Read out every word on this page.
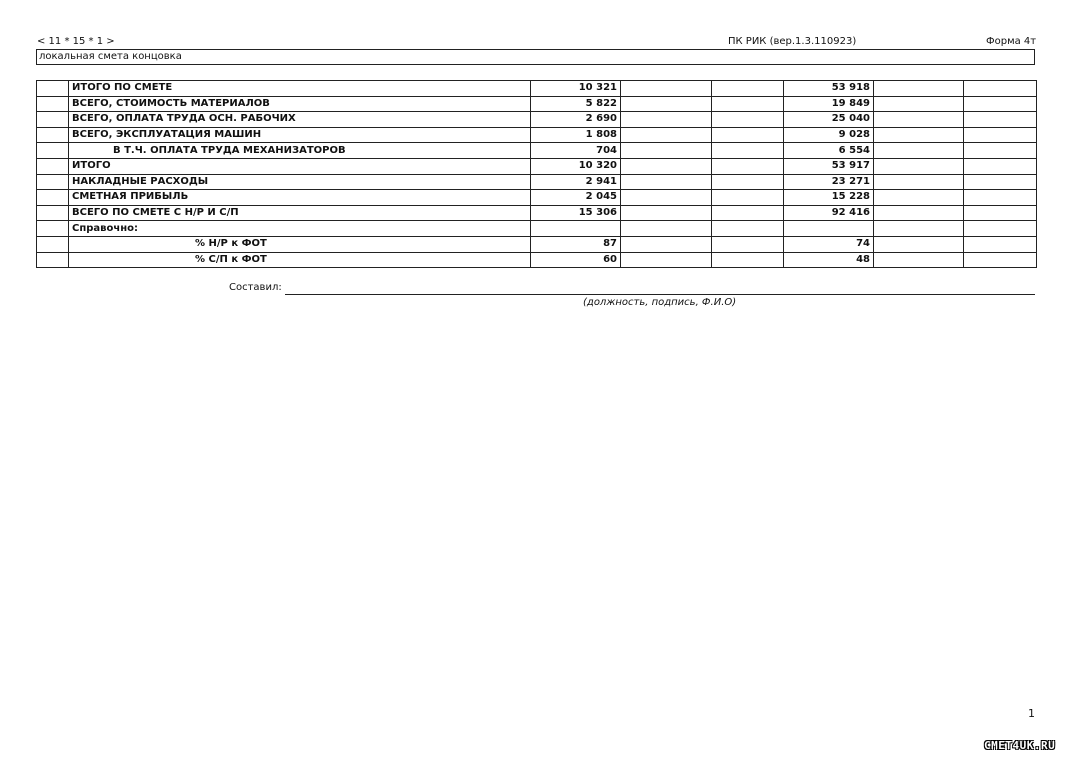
< 11 * 15 * 1 >	ПК РИК (вер.1.3.110923)	Форма 4т
локальная смета концовка
	ИТОГО ПО СМЕТЕ	10 321			53 918		
	ВСЕГО, СТОИМОСТЬ МАТЕРИАЛОВ	5 822			19 849		
	ВСЕГО, ОПЛАТА ТРУДА ОСН. РАБОЧИХ	2 690			25 040		
	ВСЕГО, ЭКСПЛУАТАЦИЯ МАШИН	1 808			9 028		
	В Т.Ч. ОПЛАТА ТРУДА МЕХАНИЗАТОРОВ	704			6 554		
	ИТОГО	10 320			53 917		
	НАКЛАДНЫЕ РАСХОДЫ	2 941			23 271		
	СМЕТНАЯ ПРИБЫЛЬ	2 045			15 228		
	ВСЕГО ПО СМЕТЕ С Н/Р И С/П	15 306			92 416		
	Справочно:						
	% Н/Р к ФОТ	87			74		
	% С/П к ФОТ	60			48		
Составил:
(должность, подпись, Ф.И.О)
1
СМЕТ4UK.RU
